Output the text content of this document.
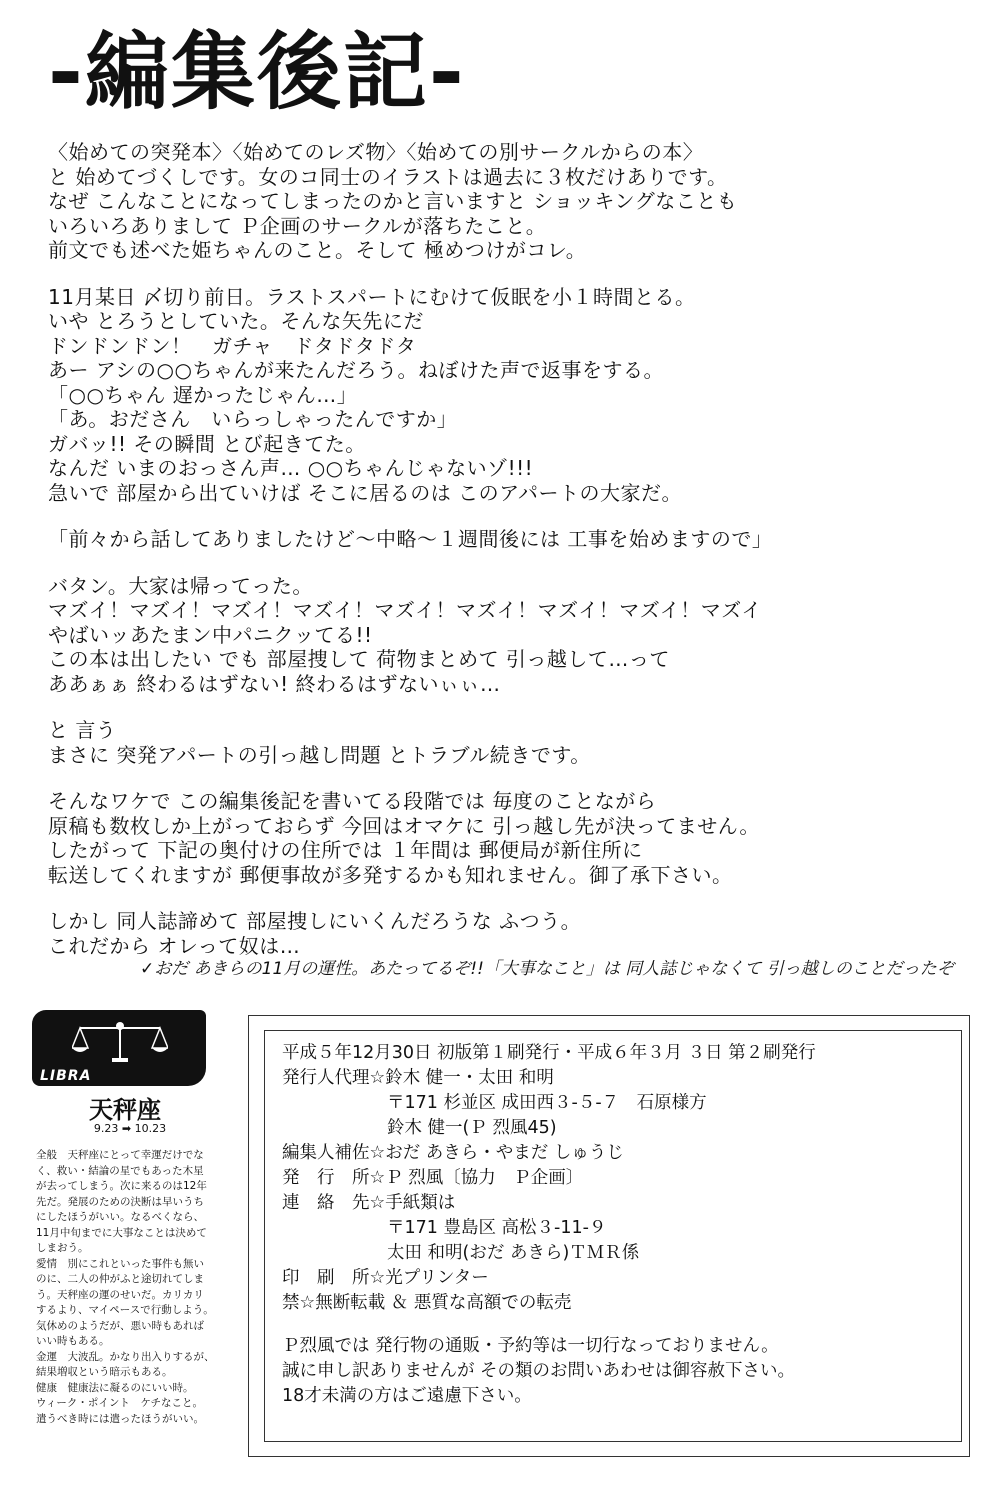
-編集後記-
〈始めての突発本〉〈始めてのレズ物〉〈始めての別サークルからの本〉
と 始めてづくしです。女のコ同士のイラストは過去に３枚だけありです。
なぜ こんなことになってしまったのかと言いますと ショッキングなことも
いろいろありまして Ｐ企画のサークルが落ちたこと。
前文でも述べた姫ちゃんのこと。そして 極めつけがコレ。
11月某日 〆切り前日。ラストスパートにむけて仮眠を小１時間とる。
いや とろうとしていた。そんな矢先にだ
ドンドンドン！　ガチャ　ドタドタドタ
あー アシの○○ちゃんが来たんだろう。ねぼけた声で返事をする。
「○○ちゃん 遅かったじゃん…」
「あ。おださん　いらっしゃったんですか」
ガバッ!! その瞬間 とび起きてた。
なんだ いまのおっさん声… ○○ちゃんじゃないゾ!!!
急いで 部屋から出ていけば そこに居るのは このアパートの大家だ。
「前々から話してありましたけど〜中略〜１週間後には 工事を始めますので」
バタン。大家は帰ってった。
マズイ！マズイ！マズイ！マズイ！マズイ！マズイ！マズイ！マズイ！マズイ
やばいッあたまン中パニクッてる!!
この本は出したい でも 部屋捜して 荷物まとめて 引っ越して…って
ああぁぁ 終わるはずない! 終わるはずないぃぃ…
と 言う
まさに 突発アパートの引っ越し問題 とトラブル続きです。
そんなワケで この編集後記を書いてる段階では 毎度のことながら
原稿も数枚しか上がっておらず 今回はオマケに 引っ越し先が決ってません。
したがって 下記の奥付けの住所では １年間は 郵便局が新住所に
転送してくれますが 郵便事故が多発するかも知れません。御了承下さい。
しかし 同人誌諦めて 部屋捜しにいくんだろうな ふつう。
これだから オレって奴は…
✓おだ あきらの11月の運性。あたってるぞ!!「大事なこと」は 同人誌じゃなくて 引っ越しのことだったぞ
LIBRA
天秤座
9.23 ➡ 10.23
全般　天秤座にとって幸運だけでな
く、救い・結論の星でもあった木星
が去ってしまう。次に来るのは12年
先だ。発展のための決断は早いうち
にしたほうがいい。なるべくなら、
11月中旬までに大事なことは決めて
しまおう。
愛情　別にこれといった事件も無い
のに、二人の仲がふと途切れてしま
う。天秤座の運のせいだ。カリカリ
するより、マイペースで行動しよう。
気休めのようだが、悪い時もあれば
いい時もある。
金運　大波乱。かなり出入りするが、
結果増収という暗示もある。
健康　健康法に凝るのにいい時。
ウィーク・ポイント　ケチなこと。
遣うべき時には遣ったほうがいい。
平成５年12月30日 初版第１刷発行・平成６年３月 ３日 第２刷発行
発行人代理☆鈴木 健一・太田 和明
　　　　　　〒171 杉並区 成田西３-５-７　石原様方
　　　　　　鈴木 健一(Ｐ 烈風45)
編集人補佐☆おだ あきら・やまだ しゅうじ
発　行　所☆Ｐ 烈風〔協力　Ｐ企画〕
連　絡　先☆手紙類は
　　　　　　〒171 豊島区 高松３-11-９
　　　　　　太田 和明(おだ あきら)ＴＭＲ係
印　刷　所☆光プリンター
禁☆無断転載 ＆ 悪質な高額での転売
Ｐ烈風では 発行物の通販・予約等は一切行なっておりません。
誠に申し訳ありませんが その類のお問いあわせは御容赦下さい。
18才未満の方はご遠慮下さい。
